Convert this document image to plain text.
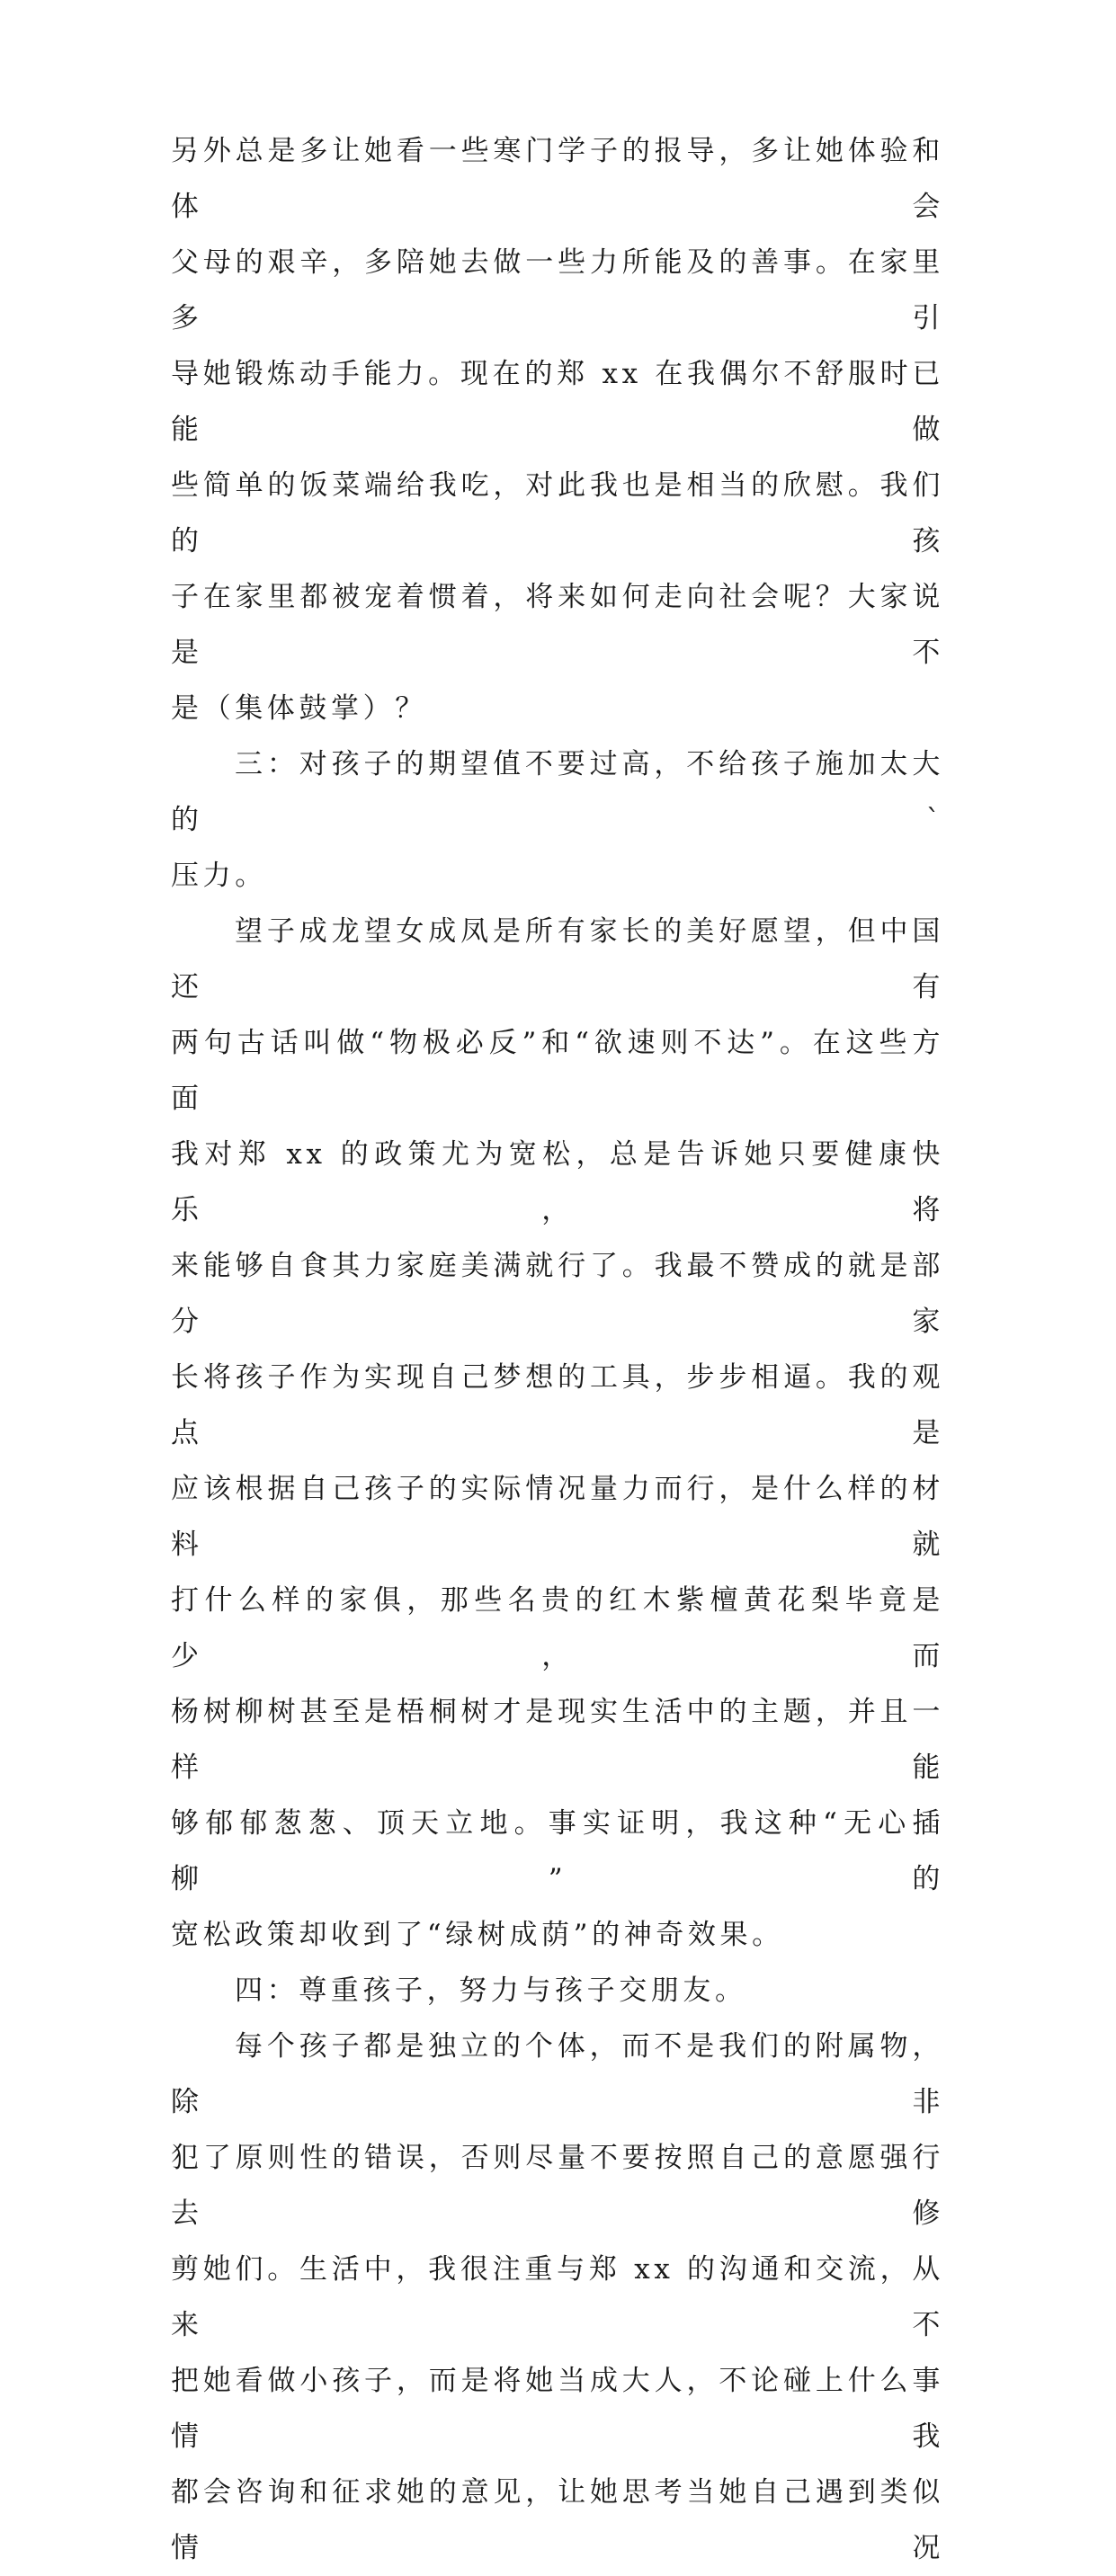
另外总是多让她看一些寒门学子的报导，多让她体验和体会
父母的艰辛，多陪她去做一些力所能及的善事。在家里多引
导她锻炼动手能力。现在的郑 xx 在我偶尔不舒服时已能做
些简单的饭菜端给我吃，对此我也是相当的欣慰。我们的孩
子在家里都被宠着惯着，将来如何走向社会呢？大家说是不
是（集体鼓掌）？

三：对孩子的期望值不要过高，不给孩子施加太大的`
压力。

望子成龙望女成凤是所有家长的美好愿望，但中国还有
两句古话叫做“物极必反”和“欲速则不达”。在这些方面
我对郑 xx 的政策尤为宽松，总是告诉她只要健康快乐，将
来能够自食其力家庭美满就行了。我最不赞成的就是部分家
长将孩子作为实现自己梦想的工具，步步相逼。我的观点是
应该根据自己孩子的实际情况量力而行，是什么样的材料就
打什么样的家俱，那些名贵的红木紫檀黄花梨毕竟是少，而
杨树柳树甚至是梧桐树才是现实生活中的主题，并且一样能
够郁郁葱葱、顶天立地。事实证明，我这种“无心插柳”的
宽松政策却收到了“绿树成荫”的神奇效果。

四：尊重孩子，努力与孩子交朋友。

每个孩子都是独立的个体，而不是我们的附属物，除非
犯了原则性的错误，否则尽量不要按照自己的意愿强行去修
剪她们。生活中，我很注重与郑 xx 的沟通和交流，从来不
把她看做小孩子，而是将她当成大人，不论碰上什么事情我
都会咨询和征求她的意见，让她思考当她自己遇到类似情况
